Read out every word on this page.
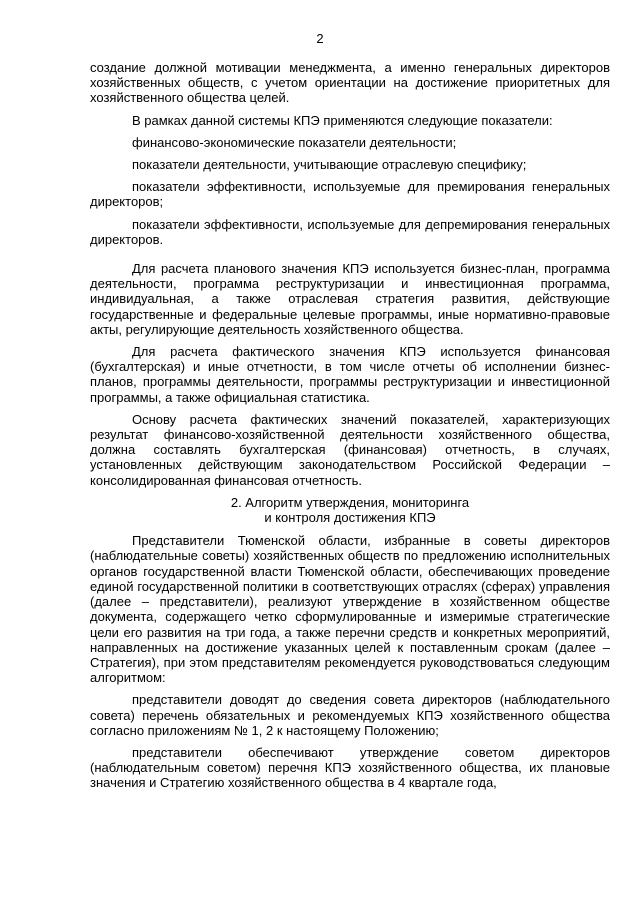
2

создание должной мотивации менеджмента, а именно генеральных директоров хозяйственных обществ, с учетом ориентации на достижение приоритетных для хозяйственного общества целей.

В рамках данной системы КПЭ применяются следующие показатели:

финансово-экономические показатели деятельности;

показатели деятельности, учитывающие отраслевую специфику;

показатели эффективности, используемые для премирования генеральных директоров;

показатели эффективности, используемые для депремирования генеральных директоров.

Для расчета планового значения КПЭ используется бизнес-план, программа деятельности, программа реструктуризации и инвестиционная программа, индивидуальная, а также отраслевая стратегия развития, действующие государственные и федеральные целевые программы, иные нормативно-правовые акты, регулирующие деятельность хозяйственного общества.

Для расчета фактического значения КПЭ используется финансовая (бухгалтерская) и иные отчетности, в том числе отчеты об исполнении бизнес-планов, программы деятельности, программы реструктуризации и инвестиционной программы, а также официальная статистика.

Основу расчета фактических значений показателей, характеризующих результат финансово-хозяйственной деятельности хозяйственного общества, должна составлять бухгалтерская (финансовая) отчетность, в случаях, установленных действующим законодательством Российской Федерации – консолидированная финансовая отчетность.

2. Алгоритм утверждения, мониторинга
и контроля достижения КПЭ

Представители Тюменской области, избранные в советы директоров (наблюдательные советы) хозяйственных обществ по предложению исполнительных органов государственной власти Тюменской области, обеспечивающих проведение единой государственной политики в соответствующих отраслях (сферах) управления (далее – представители), реализуют утверждение в хозяйственном обществе документа, содержащего четко сформулированные и измеримые стратегические цели его развития на три года, а также перечни средств и конкретных мероприятий, направленных на достижение указанных целей к поставленным срокам (далее – Стратегия), при этом представителям рекомендуется руководствоваться следующим алгоритмом:

представители доводят до сведения совета директоров (наблюдательного совета) перечень обязательных и рекомендуемых КПЭ хозяйственного общества согласно приложениям № 1, 2 к настоящему Положению;

представители обеспечивают утверждение советом директоров (наблюдательным советом) перечня КПЭ хозяйственного общества, их плановые значения и Стратегию хозяйственного общества в 4 квартале года,
